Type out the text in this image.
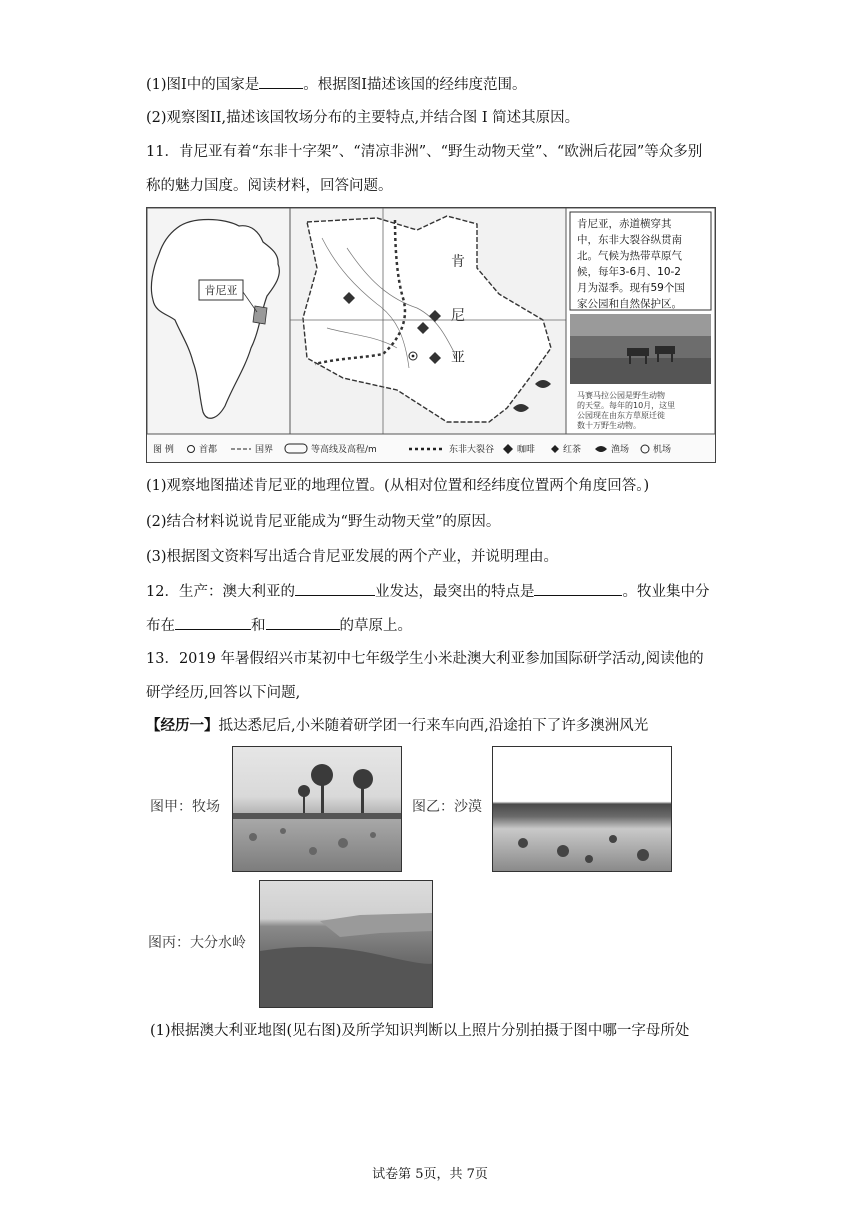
(1)图I中的国家是	。根据图I描述该国的经纬度范围。
(2)观察图II,描述该国牧场分布的主要特点,并结合图 I 简述其原因。
11．肯尼亚有着“东非十字架”、“清凉非洲”、“野生动物天堂”、“欧洲后花园”等众多别
称的魅力国度。阅读材料，回答问题。
肯尼亚
肯
尼
亚
肯尼亚，赤道横穿其
中，东非大裂谷纵贯南
北。气候为热带草原气
候，每年3-6月、10-2
月为湿季。现有59个国
家公园和自然保护区。
马赛马拉公园是野生动物
的天堂。每年的10月，这里
公园现在由东方草原迁徙
数十万野生动物。
图 例	首都	国界	等高线及高程/m	东非大裂谷	咖啡	红茶	渔场	机场
(1)观察地图描述肯尼亚的地理位置。(从相对位置和经纬度位置两个角度回答。)
(2)结合材料说说肯尼亚能成为“野生动物天堂”的原因。
(3)根据图文资料写出适合肯尼亚发展的两个产业，并说明理由。
12．生产：澳大利亚的	业发达，最突出的特点是	。牧业集中分
布在	和	的草原上。
13．2019 年暑假绍兴市某初中七年级学生小米赴澳大利亚参加国际研学活动,阅读他的
研学经历,回答以下问题,
【经历一】抵达悉尼后,小米随着研学团一行来车向西,沿途拍下了许多澳洲风光
图甲：牧场	图乙：沙漠
图丙：大分水岭
(1)根据澳大利亚地图(见右图)及所学知识判断以上照片分别拍摄于图中哪一字母所处
试卷第 5页，共 7页
